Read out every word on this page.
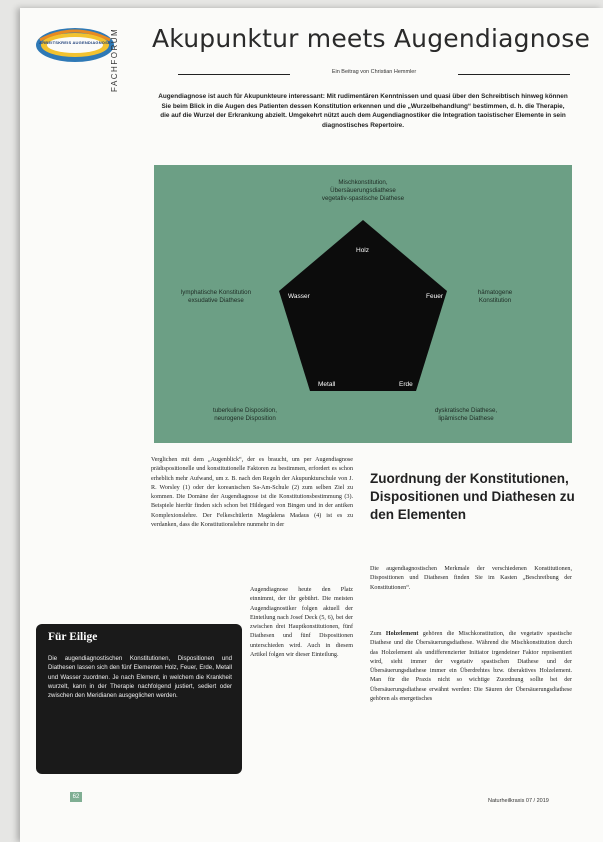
ARBEITSKREIS AUGENDIAGNOSE FACHFORUM	Akupunktur meets Augendiagnose
Ein Beitrag von Christian Hemmler
Augendiagnose ist auch für Akupunkteure interessant: Mit rudimentären Kenntnissen und quasi über den Schreibtisch hinweg können Sie beim Blick in die Augen des Patienten dessen Konstitution erkennen und die „Wurzelbehandlung“ bestimmen, d. h. die Therapie, die auf die Wurzel der Erkrankung abzielt. Umgekehrt nützt auch dem Augendiagnostiker die Integration taoistischer Elemente in sein diagnostisches Repertoire.
Holz
Wasser	Feuer
Metall	Erde
Mischkonstitution,
Übersäuerungsdiathese
vegetativ-spastische Diathese
lymphatische Konstitution
exsudative Diathese
hämatogene
Konstitution
tuberkuline Disposition,
neurogene Disposition
dyskratische Diathese,
lipämische Diathese
Verglichen mit dem „Augenblick“, der es braucht, um per Augendiagnose prädispositionelle und konstitutionelle Faktoren zu bestimmen, erfordert es schon erheblich mehr Aufwand, um z. B. nach den Regeln der Akupunkturschule von J. R. Worsley (1) oder der koreanischen Sa-Am-Schule (2) zum selben Ziel zu kommen. Die Domäne der Augendiagnose ist die Konstitutionsbestimmung (3). Beispiele hierfür finden sich schon bei Hildegard von Bingen und in der antiken Komplexionslehre. Der Felkeschülerin Magdalena Madaus (4) ist es zu verdanken, dass die Konstitutionslehre nunmehr in der
Augendiagnose heute den Platz einnimmt, der ihr gebührt. Die meisten Augendiagnostiker folgen aktuell der Einteilung nach Josef Deck (5, 6), bei der zwischen drei Hauptkonstitutionen, fünf Diathesen und fünf Dispositionen unterschieden wird. Auch in diesem Artikel folgen wir dieser Einteilung.
Für Eilige
Die augendiagnostischen Konstitutionen, Dispositionen und Diathesen lassen sich den fünf Elementen Holz, Feuer, Erde, Metall und Wasser zuordnen. Je nach Element, in welchem die Krankheit wurzelt, kann in der Therapie nachfolgend justiert, sediert oder zwischen den Meridianen ausgeglichen werden.
62
Zuordnung der Konstitutionen, Dispositionen und Diathesen zu den Elementen
Die augendiagnostischen Merkmale der verschiedenen Konstitutionen, Dispositionen und Diathesen finden Sie im Kasten „Beschreibung der Konstitutionen“.
Zum Holzelement gehören die Mischkonstitution, die vegetativ spastische Diathese und die Übersäuerungsdiathese. Während die Mischkonstitution durch das Holzelement als undifferenzierter Initiator irgendeiner Faktor repräsentiert wird, sieht immer der vegetativ spastischen Diathese und der Übersäuerungsdiathese immer ein Überdrehtes bzw. überaktives Holzelement. Man für die Praxis nicht so wichtige Zuordnung sollte bei der Übersäuerungsdiathese erwähnt werden: Die Säuren der Übersäuerungsdiathese gehören als energetisches
Naturheilkraxis 07 / 2019
